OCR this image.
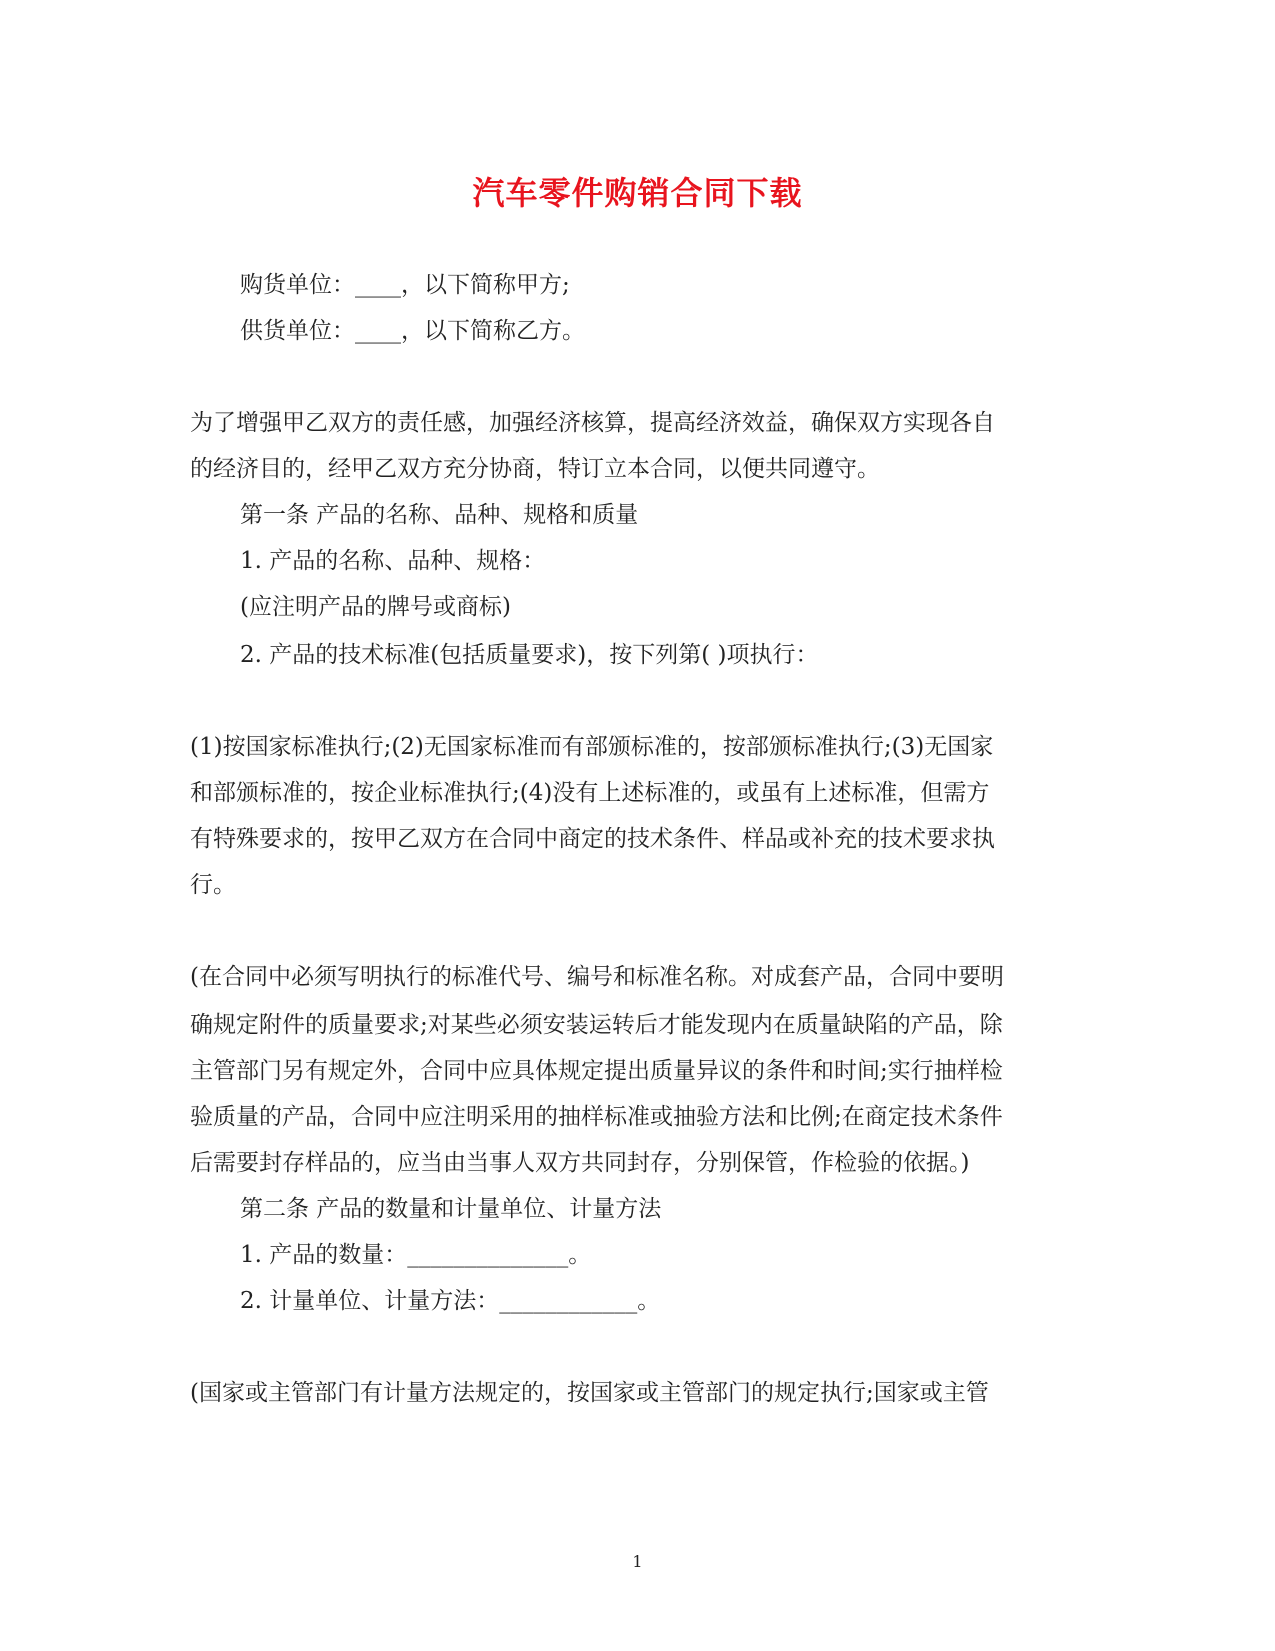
汽车零件购销合同下载
购货单位：____，以下简称甲方;
供货单位：____，以下简称乙方。
为了增强甲乙双方的责任感，加强经济核算，提高经济效益，确保双方实现各自
的经济目的，经甲乙双方充分协商，特订立本合同，以便共同遵守。
第一条 产品的名称、品种、规格和质量
1. 产品的名称、品种、规格：
(应注明产品的牌号或商标)
2. 产品的技术标准(包括质量要求)，按下列第( )项执行：
(1)按国家标准执行;(2)无国家标准而有部颁标准的，按部颁标准执行;(3)无国家
和部颁标准的，按企业标准执行;(4)没有上述标准的，或虽有上述标准，但需方
有特殊要求的，按甲乙双方在合同中商定的技术条件、样品或补充的技术要求执
行。
(在合同中必须写明执行的标准代号、编号和标准名称。对成套产品，合同中要明
确规定附件的质量要求;对某些必须安装运转后才能发现内在质量缺陷的产品，除
主管部门另有规定外，合同中应具体规定提出质量异议的条件和时间;实行抽样检
验质量的产品，合同中应注明采用的抽样标准或抽验方法和比例;在商定技术条件
后需要封存样品的，应当由当事人双方共同封存，分别保管，作检验的依据。)
第二条 产品的数量和计量单位、计量方法
1. 产品的数量：______________。
2. 计量单位、计量方法：____________。
(国家或主管部门有计量方法规定的，按国家或主管部门的规定执行;国家或主管
1
